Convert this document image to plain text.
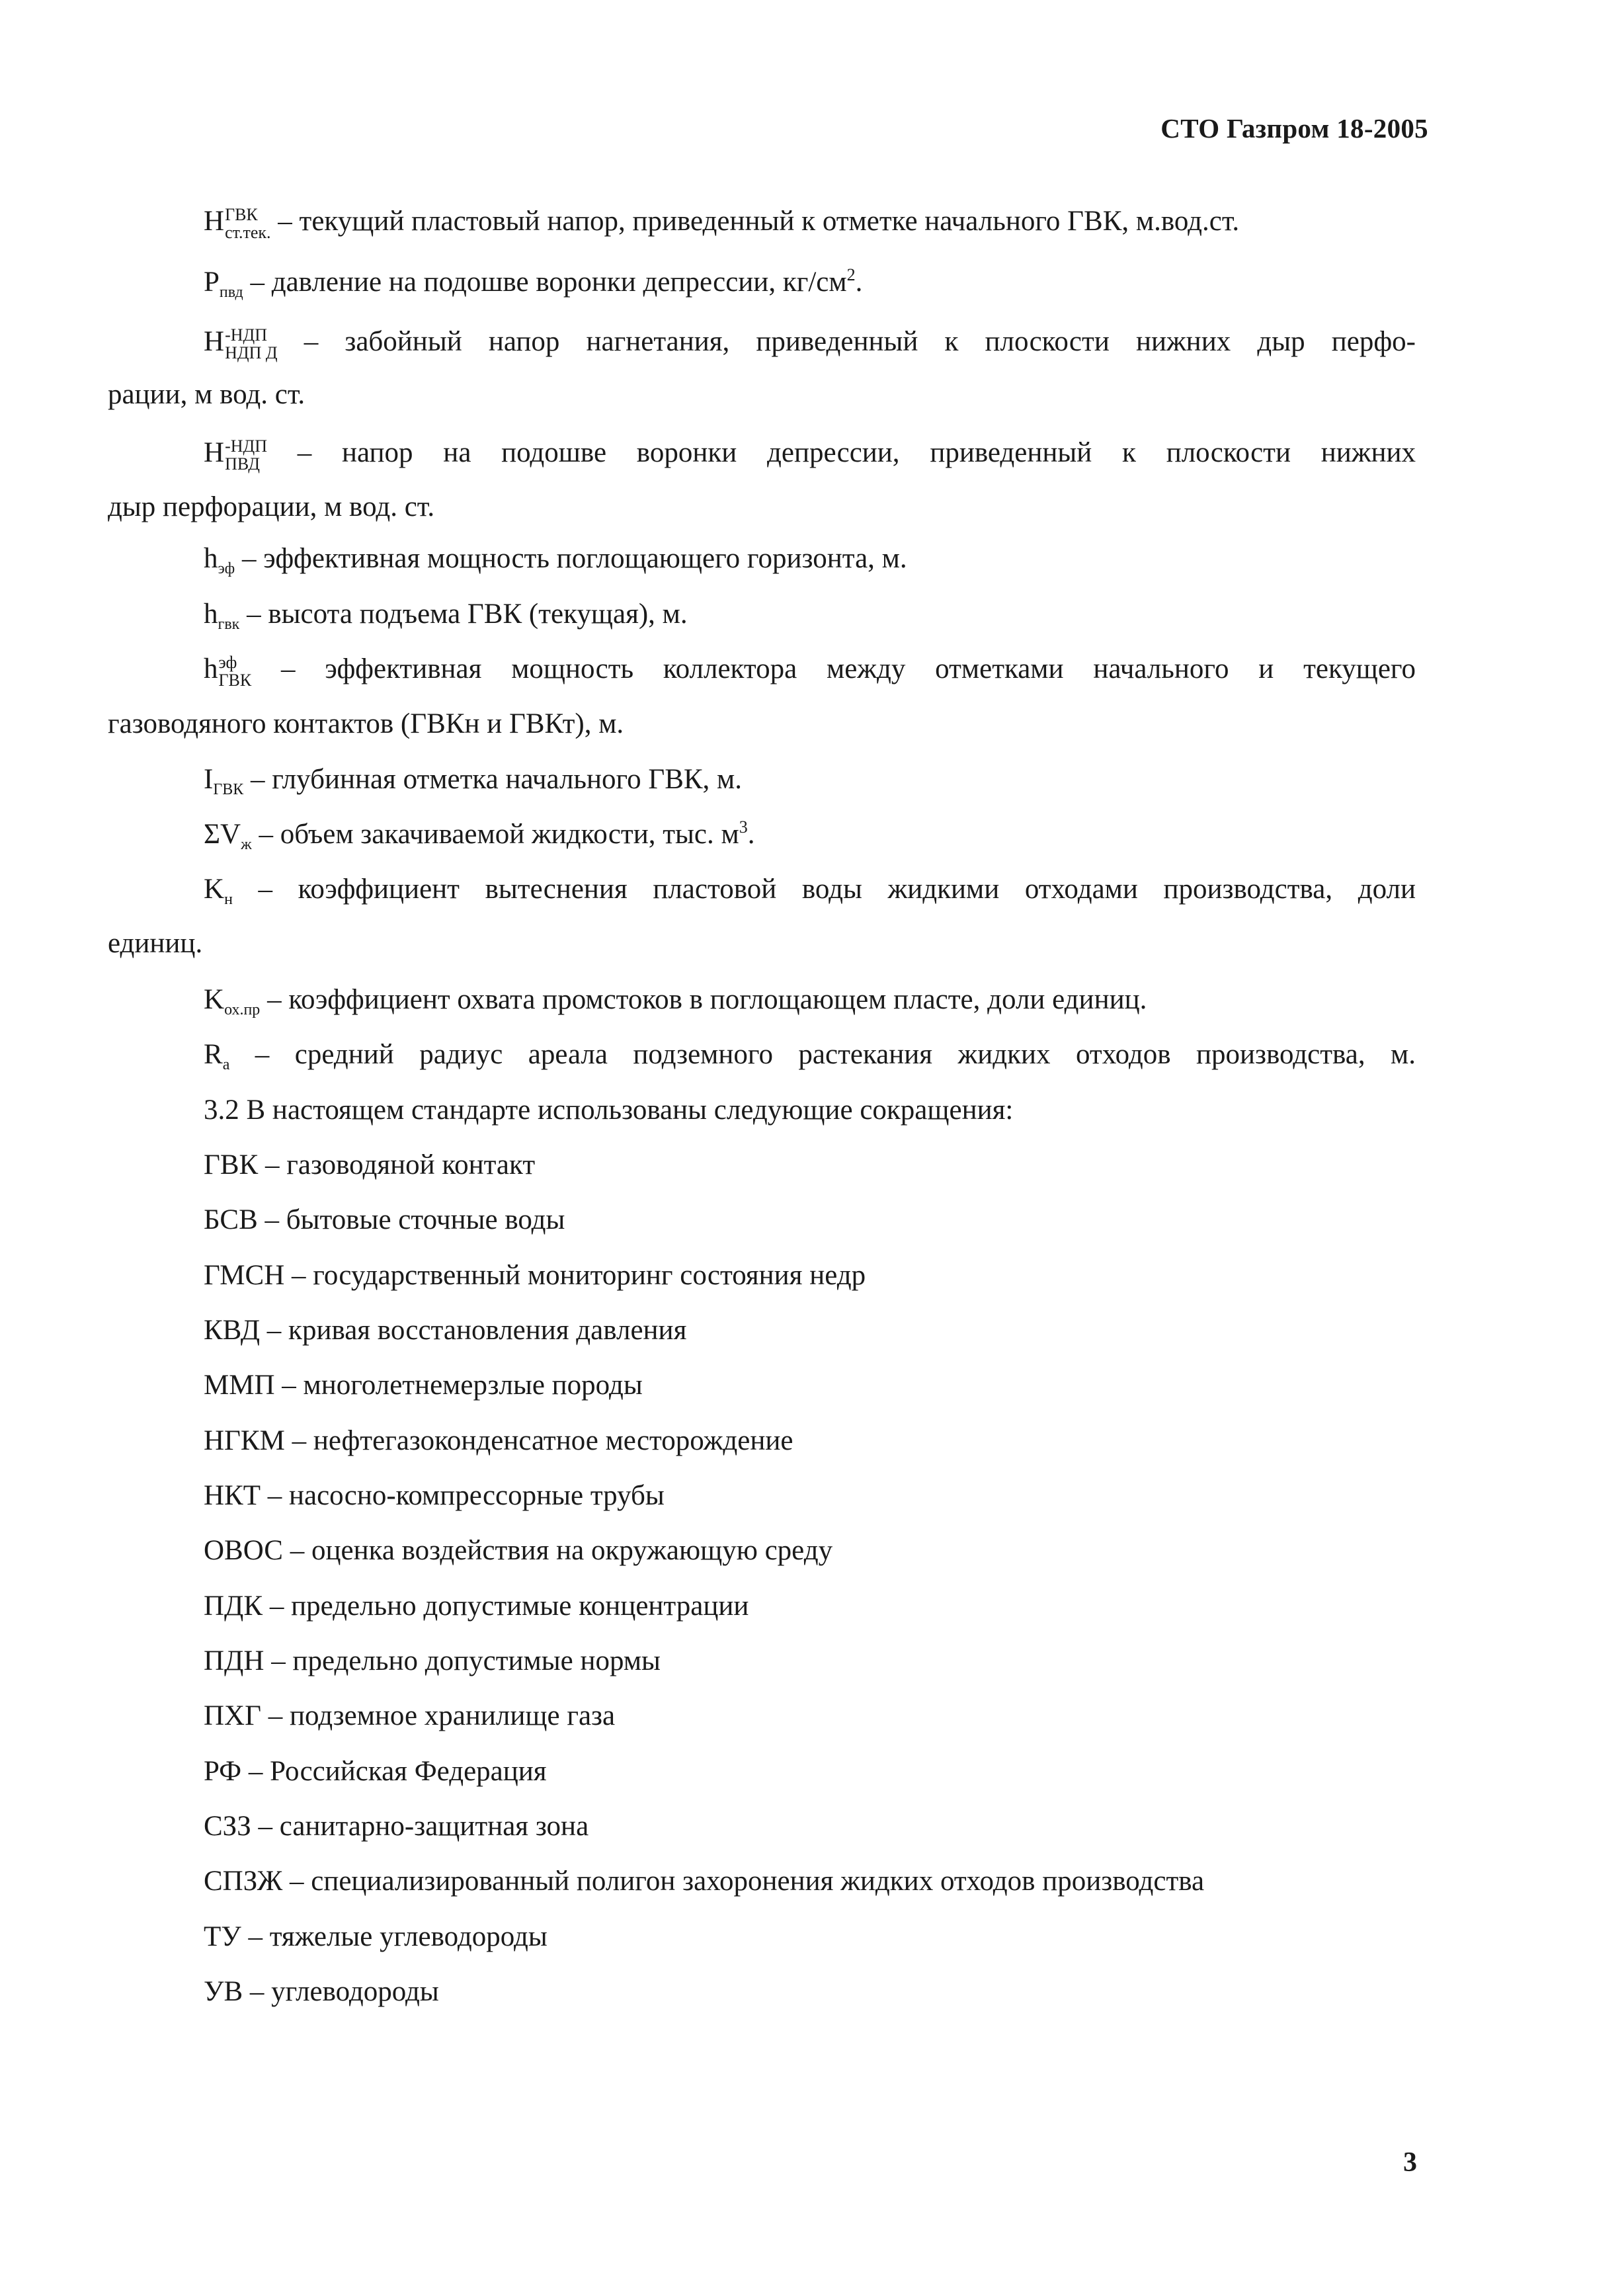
СТО Газпром 18-2005
H ГВК
ст.тек. – текущий пластовый напор, приведенный к отметке начального ГВК, м.вод.ст.
$P_{пвд}$ – давление на подошве воронки депрессии, $кг/см^2$.
H -НДП
НДП Д – забойный напор нагнетания, приведенный к плоскости нижних дыр перфо-
рации, м вод. ст.
H -НДП
ПВД – напор на подошве воронки депрессии, приведенный к плоскости нижних
дыр перфорации, м вод. ст.
$h_{эф}$ – эффективная мощность поглощающего горизонта, м.
$h_{гвк}$ – высота подъема ГВК (текущая), м.
h эф
ГВК – эффективная мощность коллектора между отметками начального и текущего
газоводяного контактов (ГВКн и ГВКт), м.
$I_{ГВК}$ – глубинная отметка начального ГВК, м.
$\Sigma V_ж$ – объем закачиваемой жидкости, тыс. $м^3$.
$K_н$ – коэффициент вытеснения пластовой воды жидкими отходами производства, доли
единиц.
$K_{ох.пр}$ – коэффициент охвата промстоков в поглощающем пласте, доли единиц.
$R_а$ – средний радиус ареала подземного растекания жидких отходов производства, м.
3.2 В настоящем стандарте использованы следующие сокращения:
ГВК – газоводяной контакт
БСВ – бытовые сточные воды
ГМСН – государственный мониторинг состояния недр
КВД – кривая восстановления давления
ММП – многолетнемерзлые породы
НГКМ – нефтегазоконденсатное месторождение
НКТ – насосно-компрессорные трубы
ОВОС – оценка воздействия на окружающую среду
ПДК – предельно допустимые концентрации
ПДН – предельно допустимые нормы
ПХГ – подземное хранилище газа
РФ – Российская Федерация
СЗЗ – санитарно-защитная зона
СПЗЖ – специализированный полигон захоронения жидких отходов производства
ТУ – тяжелые углеводороды
УВ – углеводороды
3
